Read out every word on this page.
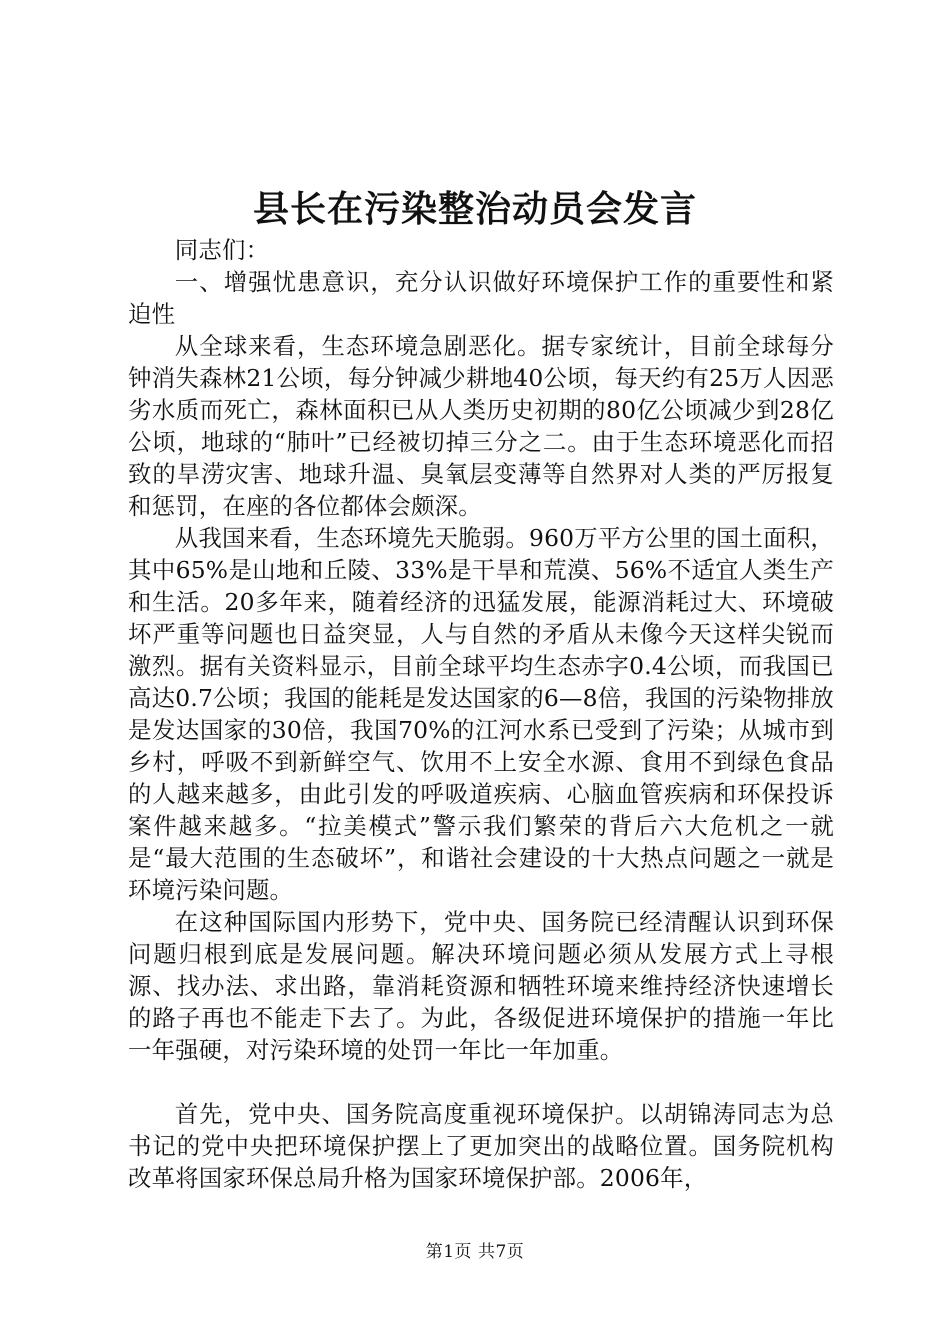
县长在污染整治动员会发言

同志们：

一、增强忧患意识，充分认识做好环境保护工作的重要性和紧迫性

从全球来看，生态环境急剧恶化。据专家统计，目前全球每分钟消失森林21公顷，每分钟减少耕地40公顷，每天约有25万人因恶劣水质而死亡，森林面积已从人类历史初期的80亿公顷减少到28亿公顷，地球的“肺叶”已经被切掉三分之二。由于生态环境恶化而招致的旱涝灾害、地球升温、臭氧层变薄等自然界对人类的严厉报复和惩罚，在座的各位都体会颇深。

从我国来看，生态环境先天脆弱。960万平方公里的国土面积，其中65%是山地和丘陵、33%是干旱和荒漠、56%不适宜人类生产和生活。20多年来，随着经济的迅猛发展，能源消耗过大、环境破坏严重等问题也日益突显，人与自然的矛盾从未像今天这样尖锐而激烈。据有关资料显示，目前全球平均生态赤字0.4公顷，而我国已高达0.7公顷；我国的能耗是发达国家的6—8倍，我国的污染物排放是发达国家的30倍，我国70%的江河水系已受到了污染；从城市到乡村，呼吸不到新鲜空气、饮用不上安全水源、食用不到绿色食品的人越来越多，由此引发的呼吸道疾病、心脑血管疾病和环保投诉案件越来越多。“拉美模式”警示我们繁荣的背后六大危机之一就是“最大范围的生态破坏”，和谐社会建设的十大热点问题之一就是环境污染问题。

在这种国际国内形势下，党中央、国务院已经清醒认识到环保问题归根到底是发展问题。解决环境问题必须从发展方式上寻根源、找办法、求出路，靠消耗资源和牺牲环境来维持经济快速增长的路子再也不能走下去了。为此，各级促进环境保护的措施一年比一年强硬，对污染环境的处罚一年比一年加重。

首先，党中央、国务院高度重视环境保护。以胡锦涛同志为总书记的党中央把环境保护摆上了更加突出的战略位置。国务院机构改革将国家环保总局升格为国家环境保护部。2006年，

第1页 共7页
